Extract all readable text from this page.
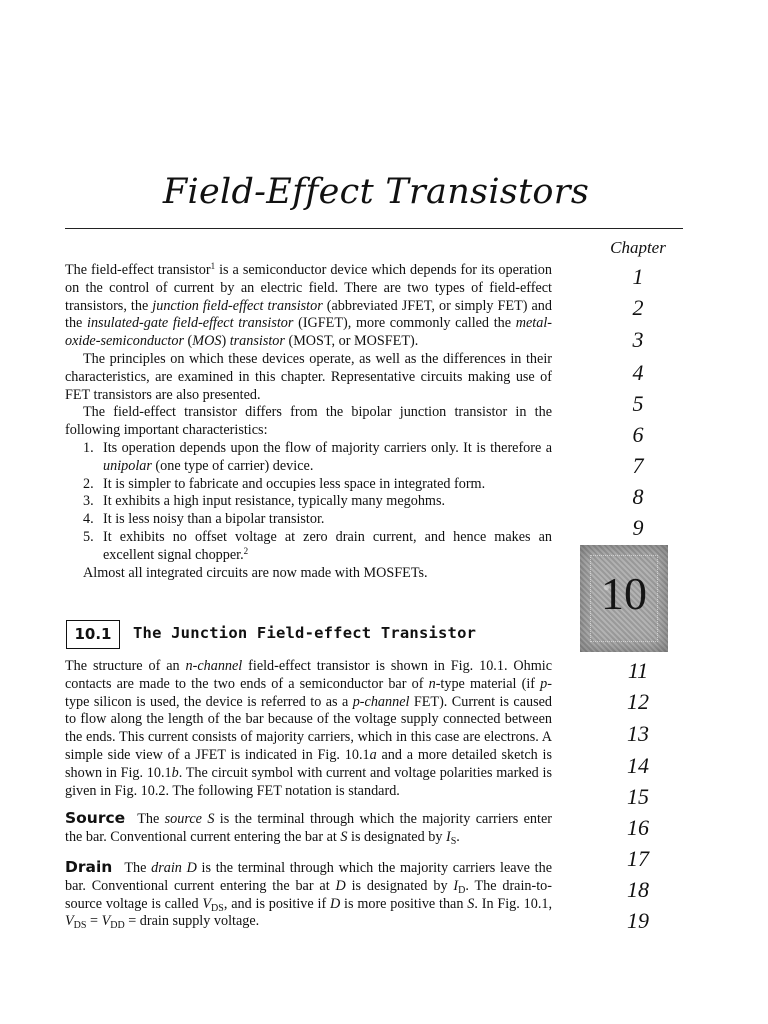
Field-Effect Transistors

The field-effect transistor$^1$ is a semiconductor device which depends for its operation on the control of current by an electric field. There are two types of field-effect transistors, the junction field-effect transistor (abbreviated JFET, or simply FET) and the insulated-gate field-effect transistor (IGFET), more commonly called the metal-oxide-semiconductor (MOS) transistor (MOST, or MOSFET).

The principles on which these devices operate, as well as the differences in their characteristics, are examined in this chapter. Representative circuits making use of FET transistors are also presented.

The field-effect transistor differs from the bipolar junction transistor in the following important characteristics:

1. Its operation depends upon the flow of majority carriers only. It is therefore a unipolar (one type of carrier) device.
2. It is simpler to fabricate and occupies less space in integrated form.
3. It exhibits a high input resistance, typically many megohms.
4. It is less noisy than a bipolar transistor.
5. It exhibits no offset voltage at zero drain current, and hence makes an excellent signal chopper.$^2$

Almost all integrated circuits are now made with MOSFETs.

10.1	The Junction Field-effect Transistor

The structure of an n-channel field-effect transistor is shown in Fig. 10.1. Ohmic contacts are made to the two ends of a semiconductor bar of n-type material (if p-type silicon is used, the device is referred to as a p-channel FET). Current is caused to flow along the length of the bar because of the voltage supply connected between the ends. This current consists of majority carriers, which in this case are electrons. A simple side view of a JFET is indicated in Fig. 10.1a and a more detailed sketch is shown in Fig. 10.1b. The circuit symbol with current and voltage polarities marked is given in Fig. 10.2. The following FET notation is standard.

Source The source S is the terminal through which the majority carriers enter the bar. Conventional current entering the bar at S is designated by $I_S$.
Drain The drain D is the terminal through which the majority carriers leave the bar. Conventional current entering the bar at D is designated by $I_D$. The drain-to-source voltage is called $V_{DS}$, and is positive if D is more positive than S. In Fig. 10.1, $V_{DS} = V_{DD}$ = drain supply voltage.
Chapter
1
2
3
4
5
6
7
8
9
11
12
13
14
15
16
17
18
19
10
